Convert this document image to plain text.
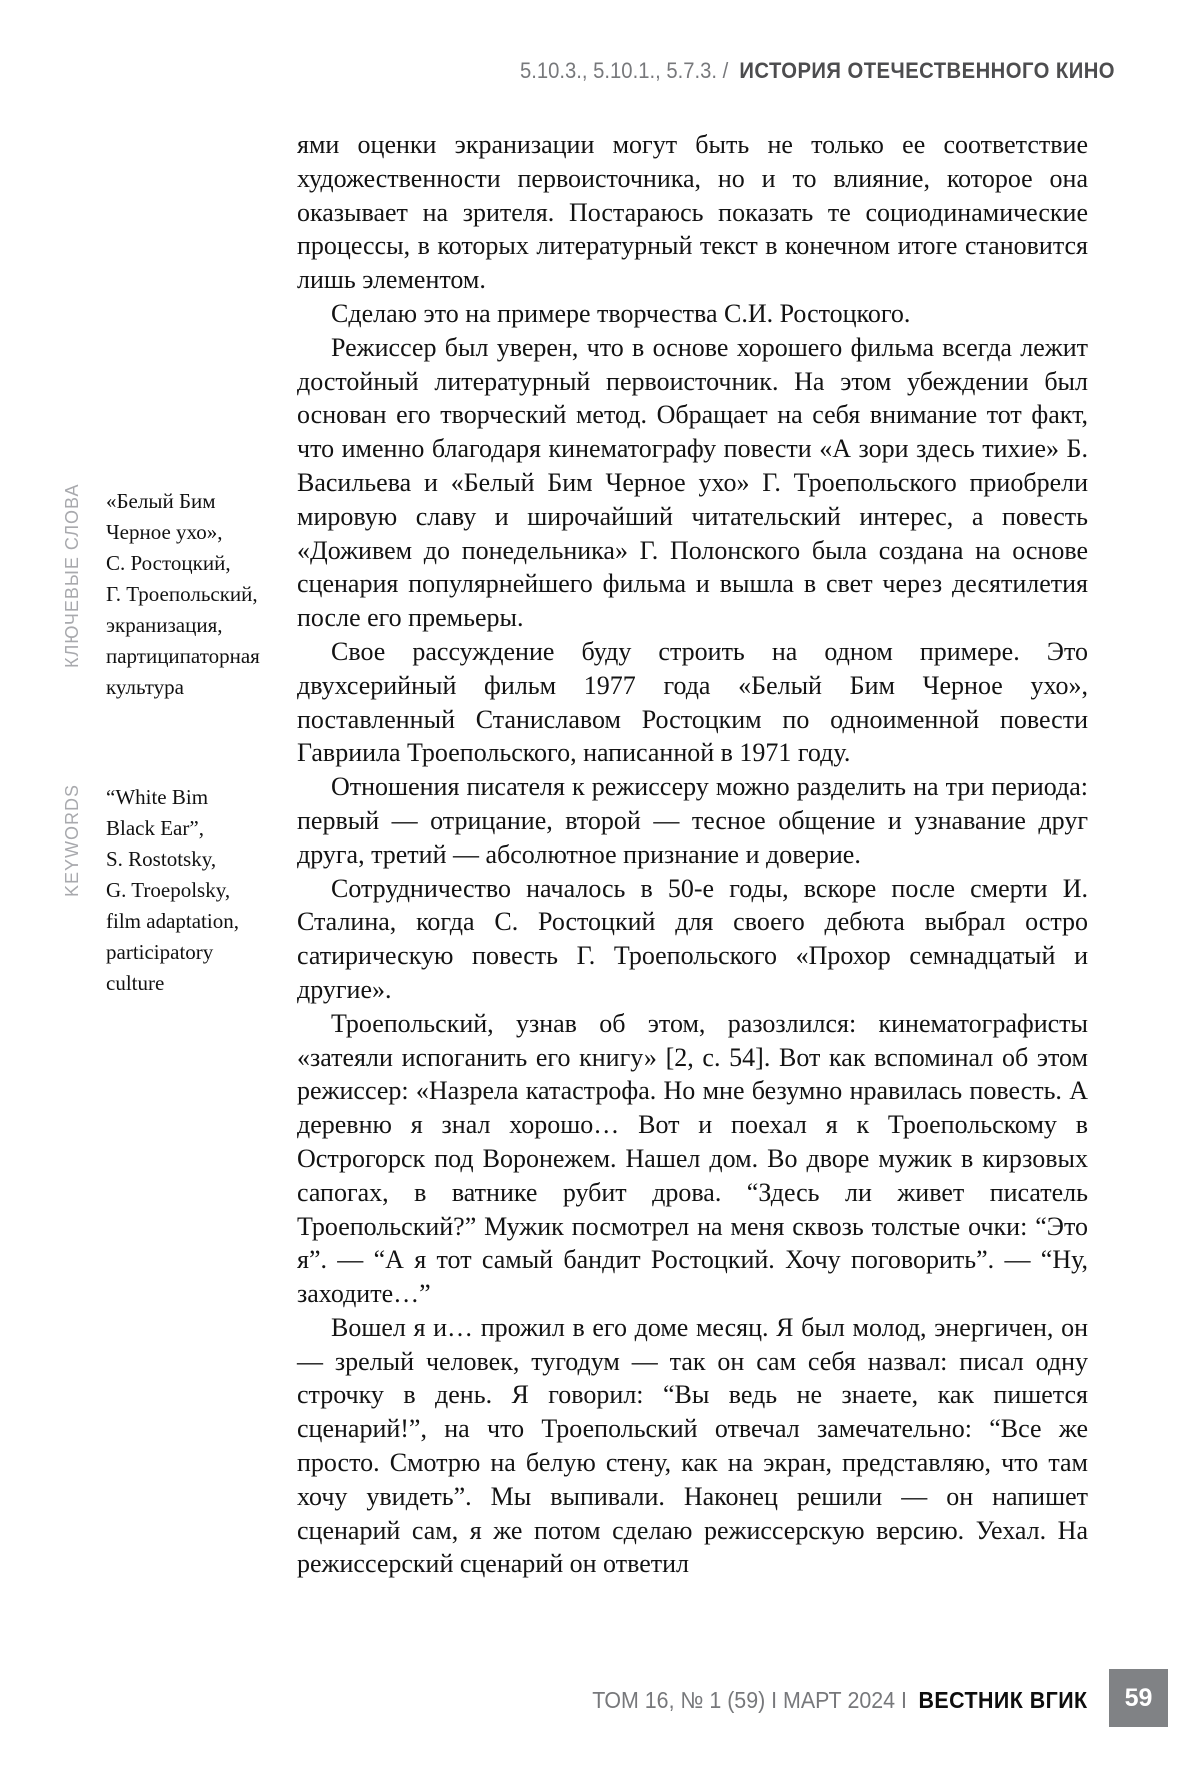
5.10.3., 5.10.1., 5.7.3. / ИСТОРИЯ ОТЕЧЕСТВЕННОГО КИНО
КЛЮЧЕВЫЕ СЛОВА «Белый Бим
Черное ухо»,
С. Ростоцкий,
Г. Троепольский,
экранизация,
партиципаторная
культура
KEYWORDS “White Bim
Black Ear”,
S. Rostotsky,
G. Troepolsky,
film adaptation,
participatory
culture

ями оценки экранизации могут быть не только ее соответствие художественности первоисточника, но и то влияние, которое она оказывает на зрителя. Постараюсь показать те социодинамические процессы, в которых литературный текст в конечном итоге становится лишь элементом.

Сделаю это на примере творчества С.И. Ростоцкого.

Режиссер был уверен, что в основе хорошего фильма всегда лежит достойный литературный первоисточник. На этом убеждении был основан его творческий метод. Обращает на себя внимание тот факт, что именно благодаря кинематографу повести «А зори здесь тихие» Б. Васильева и «Белый Бим Черное ухо» Г. Троепольского приобрели мировую славу и широчайший читательский интерес, а повесть «Доживем до понедельника» Г. Полонского была создана на основе сценария популярнейшего фильма и вышла в свет через десятилетия после его премьеры.

Свое рассуждение буду строить на одном примере. Это двухсерийный фильм 1977 года «Белый Бим Черное ухо», поставленный Станиславом Ростоцким по одноименной повести Гавриила Троепольского, написанной в 1971 году.

Отношения писателя к режиссеру можно разделить на три периода: первый — отрицание, второй — тесное общение и узнавание друг друга, третий — абсолютное признание и доверие.

Сотрудничество началось в 50-е годы, вскоре после смерти И. Сталина, когда С. Ростоцкий для своего дебюта выбрал остро сатирическую повесть Г. Троепольского «Прохор семнадцатый и другие».

Троепольский, узнав об этом, разозлился: кинематографисты «затеяли испоганить его книгу» [2, с. 54]. Вот как вспоминал об этом режиссер: «Назрела катастрофа. Но мне безумно нравилась повесть. А деревню я знал хорошо… Вот и поехал я к Троепольскому в Острогорск под Воронежем. Нашел дом. Во дворе мужик в кирзовых сапогах, в ватнике рубит дрова. “Здесь ли живет писатель Троепольский?” Мужик посмотрел на меня сквозь толстые очки: “Это я”. — “А я тот самый бандит Ростоцкий. Хочу поговорить”. — “Ну, заходите…”

Вошел я и… прожил в его доме месяц. Я был молод, энергичен, он — зрелый человек, тугодум — так он сам себя назвал: писал одну строчку в день. Я говорил: “Вы ведь не знаете, как пишется сценарий!”, на что Троепольский отвечал замечательно: “Все же просто. Смотрю на белую стену, как на экран, представляю, что там хочу увидеть”. Мы выпивали. Наконец решили — он напишет сценарий сам, я же потом сделаю режиссерскую версию. Уехал. На режиссерский сценарий он ответил

ТОМ 16, № 1 (59) I МАРТ 2024 I ВЕСТНИК ВГИК	59
